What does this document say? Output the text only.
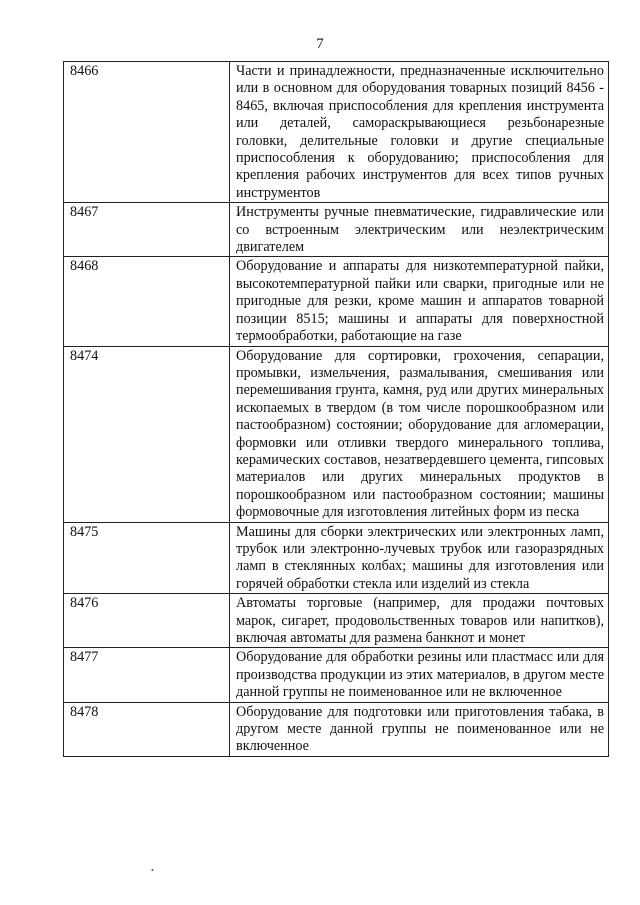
7
8466	Части и принадлежности, предназначенные исключительно или в основном для оборудования товарных позиций 8456 - 8465, включая приспособления для крепления инструмента или деталей, самораскрывающиеся резьбонарезные головки, делительные головки и другие специальные приспособления к оборудованию; приспособления для крепления рабочих инструментов для всех типов ручных инструментов
8467	Инструменты ручные пневматические, гидравлические или со встроенным электрическим или неэлектрическим двигателем
8468	Оборудование и аппараты для низкотемпературной пайки, высокотемпературной пайки или сварки, пригодные или не пригодные для резки, кроме машин и аппаратов товарной позиции 8515; машины и аппараты для поверхностной термообработки, работающие на газе
8474	Оборудование для сортировки, грохочения, сепарации, промывки, измельчения, размалывания, смешивания или перемешивания грунта, камня, руд или других минеральных ископаемых в твердом (в том числе порошкообразном или пастообразном) состоянии; оборудование для агломерации, формовки или отливки твердого минерального топлива, керамических составов, незатвердевшего цемента, гипсовых материалов или других минеральных продуктов в порошкообразном или пастообразном состоянии; машины формовочные для изготовления литейных форм из песка
8475	Машины для сборки электрических или электронных ламп, трубок или электронно-лучевых трубок или газоразрядных ламп в стеклянных колбах; машины для изготовления или горячей обработки стекла или изделий из стекла
8476	Автоматы торговые (например, для продажи почтовых марок, сигарет, продовольственных товаров или напитков), включая автоматы для размена банкнот и монет
8477	Оборудование для обработки резины или пластмасс или для производства продукции из этих материалов, в другом месте данной группы не поименованное или не включенное
8478	Оборудование для подготовки или приготовления табака, в другом месте данной группы не поименованное или не включенное
•
